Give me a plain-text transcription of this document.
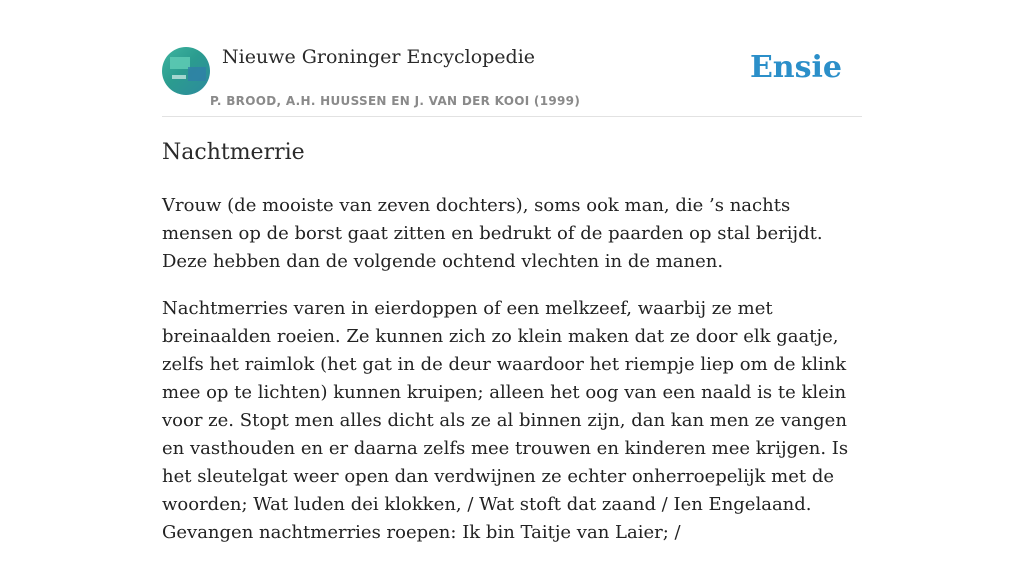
Nieuwe Groninger Encyclopedie
P. BROOD, A.H. HUUSSEN EN J. VAN DER KOOI (1999)
Ensie
Nachtmerrie

Vrouw (de mooiste van zeven dochters), soms ook man, die ’s nachts mensen op de borst gaat zitten en bedrukt of de paarden op stal berijdt. Deze hebben dan de volgende ochtend vlechten in de manen.

Nachtmerries varen in eierdoppen of een melkzeef, waarbij ze met breinaalden roeien. Ze kunnen zich zo klein maken dat ze door elk gaatje, zelfs het raimlok (het gat in de deur waardoor het riempje liep om de klink mee op te lichten) kunnen kruipen; alleen het oog van een naald is te klein voor ze. Stopt men alles dicht als ze al binnen zijn, dan kan men ze vangen en vasthouden en er daarna zelfs mee trouwen en kinderen mee krijgen. Is het sleutelgat weer open dan verdwijnen ze echter onherroepelijk met de woorden; Wat luden dei klokken, / Wat stoft dat zaand / Ien Engelaand. Gevangen nachtmerries roepen: Ik bin Taitje van Laier; /
